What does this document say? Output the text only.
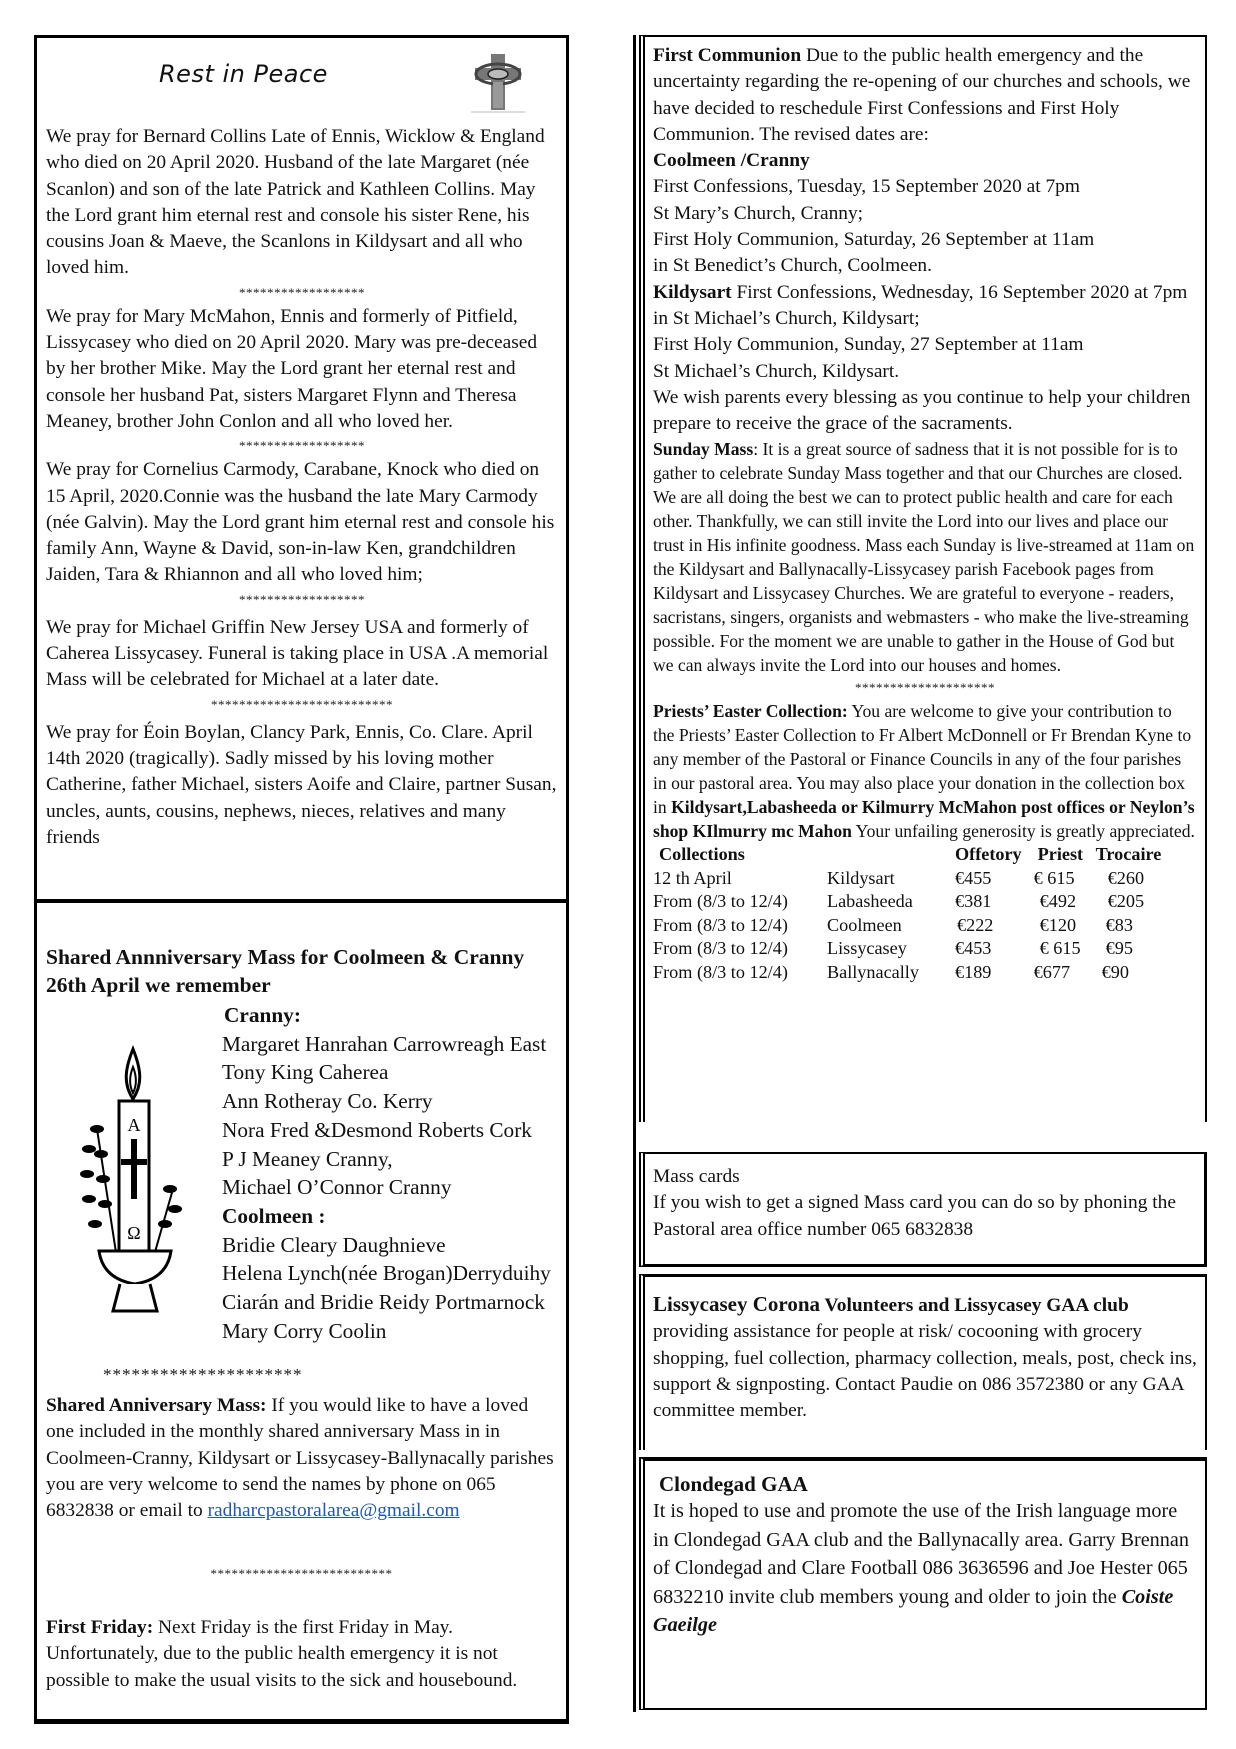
Rest in Peace

We pray for Bernard Collins Late of Ennis, Wicklow & England who died on 20 April 2020. Husband of the late Margaret (née Scanlon) and son of the late Patrick and Kathleen Collins. May the Lord grant him eternal rest and console his sister Rene, his cousins Joan & Maeve, the Scanlons in Kildysart and all who loved him.

******************

We pray for Mary McMahon, Ennis and formerly of Pitfield, Lissycasey who died on 20 April 2020. Mary was pre-deceased by her brother Mike. May the Lord grant her eternal rest and console her husband Pat, sisters Margaret Flynn and Theresa Meaney, brother John Conlon and all who loved her.

******************

We pray for Cornelius Carmody, Carabane, Knock who died on 15 April, 2020.Connie was the husband the late Mary Carmody (née Galvin). May the Lord grant him eternal rest and console his family Ann, Wayne & David, son-in-law Ken, grandchildren Jaiden, Tara & Rhiannon and all who loved him;

******************

We pray for Michael Griffin New Jersey USA and formerly of Caherea Lissycasey. Funeral is taking place in USA .A memorial Mass will be celebrated for Michael at a later date.

**************************

We pray for Éoin Boylan, Clancy Park, Ennis, Co. Clare. April 14th 2020 (tragically). Sadly missed by his loving mother Catherine, father Michael, sisters Aoife and Claire, partner Susan, uncles, aunts, cousins, nephews, nieces, relatives and many friends

Shared Annniversary Mass for Coolmeen & Cranny
26th April we remember
A
Ω
Cranny:
Margaret Hanrahan Carrowreagh East
Tony King Caherea
Ann Rotheray Co. Kerry
Nora Fred &Desmond Roberts Cork
P J Meaney Cranny,
Michael O’Connor Cranny
Coolmeen :
Bridie Cleary Daughnieve
Helena Lynch(née Brogan)Derryduihy
Ciarán and Bridie Reidy Portmarnock
Mary Corry Coolin
*********************

Shared Anniversary Mass: If you would like to have a loved one included in the monthly shared anniversary Mass in in Coolmeen-Cranny, Kildysart or Lissycasey-Ballynacally parishes you are very welcome to send the names by phone on 065 6832838 or email to radharcpastoralarea@gmail.com

**************************

First Friday: Next Friday is the first Friday in May. Unfortunately, due to the public health emergency it is not possible to make the usual visits to the sick and housebound.

First Communion Due to the public health emergency and the uncertainty regarding the re-opening of our churches and schools, we have decided to reschedule First Confessions and First Holy Communion. The revised dates are:

Coolmeen /Cranny

First Confessions, Tuesday, 15 September 2020 at 7pm

St Mary’s Church, Cranny;

First Holy Communion, Saturday, 26 September at 11am

in St Benedict’s Church, Coolmeen.

Kildysart First Confessions, Wednesday, 16 September 2020 at 7pm in St Michael’s Church, Kildysart;

First Holy Communion, Sunday, 27 September at 11am

St Michael’s Church, Kildysart.

We wish parents every blessing as you continue to help your children prepare to receive the grace of the sacraments.

Sunday Mass: It is a great source of sadness that it is not possible for is to gather to celebrate Sunday Mass together and that our Churches are closed. We are all doing the best we can to protect public health and care for each other. Thankfully, we can still invite the Lord into our lives and place our trust in His infinite goodness. Mass each Sunday is live-streamed at 11am on the Kildysart and Ballynacally-Lissycasey parish Facebook pages from Kildysart and Lissycasey Churches. We are grateful to everyone - readers, sacristans, singers, organists and webmasters - who make the live-streaming possible. For the moment we are unable to gather in the House of God but we can always invite the Lord into our houses and homes.

********************

Priests’ Easter Collection: You are welcome to give your contribution to the Priests’ Easter Collection to Fr Albert McDonnell or Fr Brendan Kyne to any member of the Pastoral or Finance Councils in any of the four parishes in our pastoral area. You may also place your donation in the collection box in Kildysart,Labasheeda or Kilmurry McMahon post offices or Neylon’s shop KIlmurry mc Mahon Your unfailing generosity is greatly appreciated.

Collections		Offetory	Priest	Trocaire
12 th April	Kildysart	€455	€ 615	€260
From (8/3 to 12/4)	Labasheeda	€381	€492	€205
From (8/3 to 12/4)	Coolmeen	€222	€120	€83
From (8/3 to 12/4)	Lissycasey	€453	€ 615	€95
From (8/3 to 12/4)	Ballynacally	€189	€677	€90

Mass cards

If you wish to get a signed Mass card you can do so by phoning the Pastoral area office number 065 6832838

Lissycasey Corona Volunteers and Lissycasey GAA club providing assistance for people at risk/ cocooning with grocery shopping, fuel collection, pharmacy collection, meals, post, check ins, support & signposting. Contact Paudie on 086 3572380 or any GAA committee member.

Clondegad GAA

It is hoped to use and promote the use of the Irish language more in Clondegad GAA club and the Ballynacally area. Garry Brennan of Clondegad and Clare Football 086 3636596 and Joe Hester 065 6832210 invite club members young and older to join the Coiste Gaeilge
